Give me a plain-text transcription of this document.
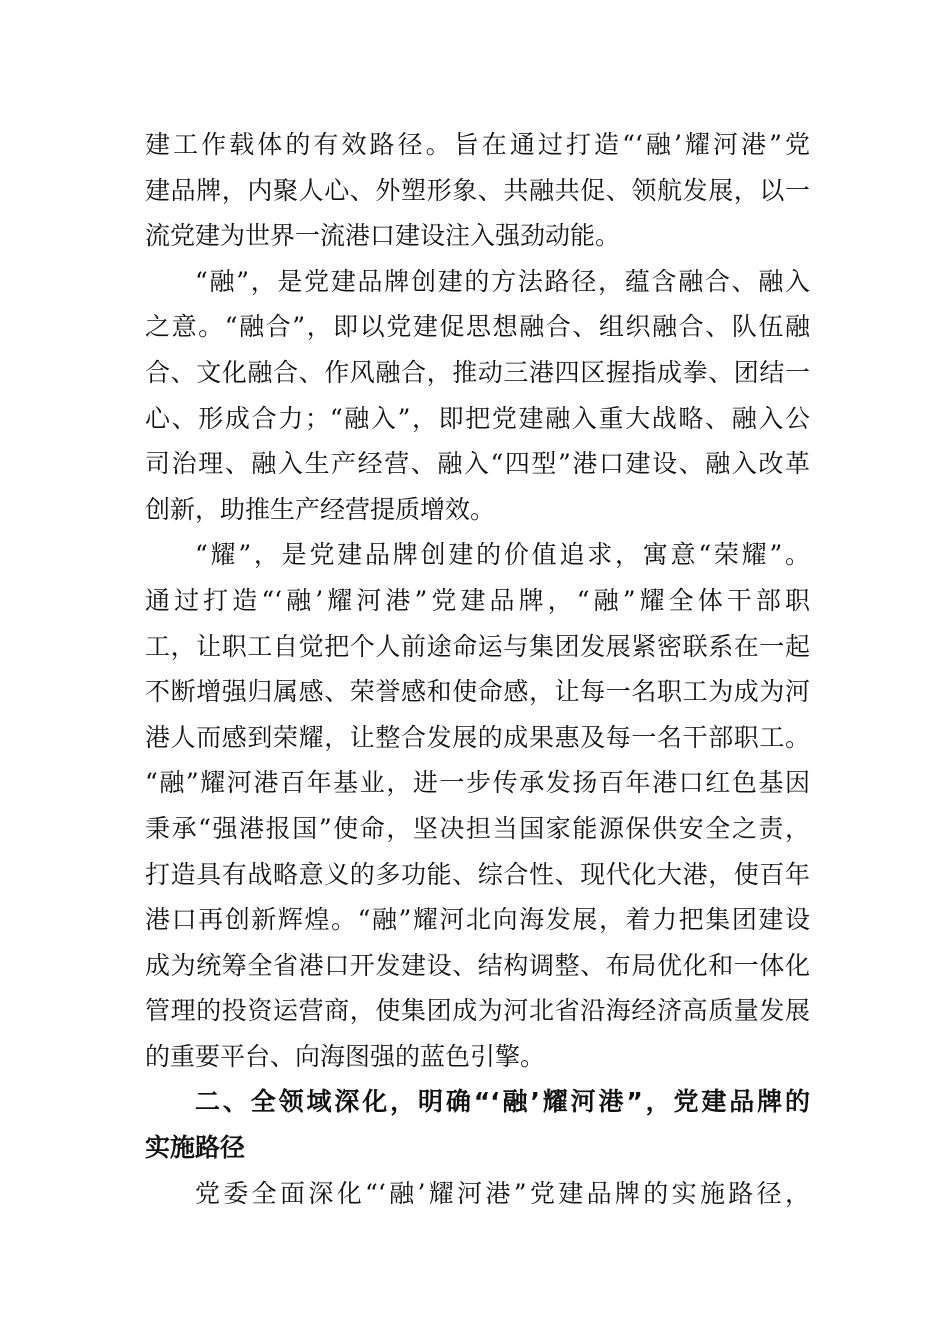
建工作载体的有效路径。旨在通过打造“‘融’耀河港”党
建品牌，内聚人心、外塑形象、共融共促、领航发展，以一
流党建为世界一流港口建设注入强劲动能。
“融”，是党建品牌创建的方法路径，蕴含融合、融入
之意。“融合”，即以党建促思想融合、组织融合、队伍融
合、文化融合、作风融合，推动三港四区握指成拳、团结一
心、形成合力；“融入”，即把党建融入重大战略、融入公
司治理、融入生产经营、融入“四型”港口建设、融入改革
创新，助推生产经营提质增效。
“耀”，是党建品牌创建的价值追求，寓意“荣耀”。
通过打造“‘融’耀河港”党建品牌，“融”耀全体干部职
工，让职工自觉把个人前途命运与集团发展紧密联系在一起
不断增强归属感、荣誉感和使命感，让每一名职工为成为河
港人而感到荣耀，让整合发展的成果惠及每一名干部职工。
“融”耀河港百年基业，进一步传承发扬百年港口红色基因
秉承“强港报国”使命，坚决担当国家能源保供安全之责，
打造具有战略意义的多功能、综合性、现代化大港，使百年
港口再创新辉煌。“融”耀河北向海发展，着力把集团建设
成为统筹全省港口开发建设、结构调整、布局优化和一体化
管理的投资运营商，使集团成为河北省沿海经济高质量发展
的重要平台、向海图强的蓝色引擎。
二、全领域深化，明确“‘融’耀河港”，党建品牌的
实施路径
党委全面深化“‘融’耀河港”党建品牌的实施路径，
